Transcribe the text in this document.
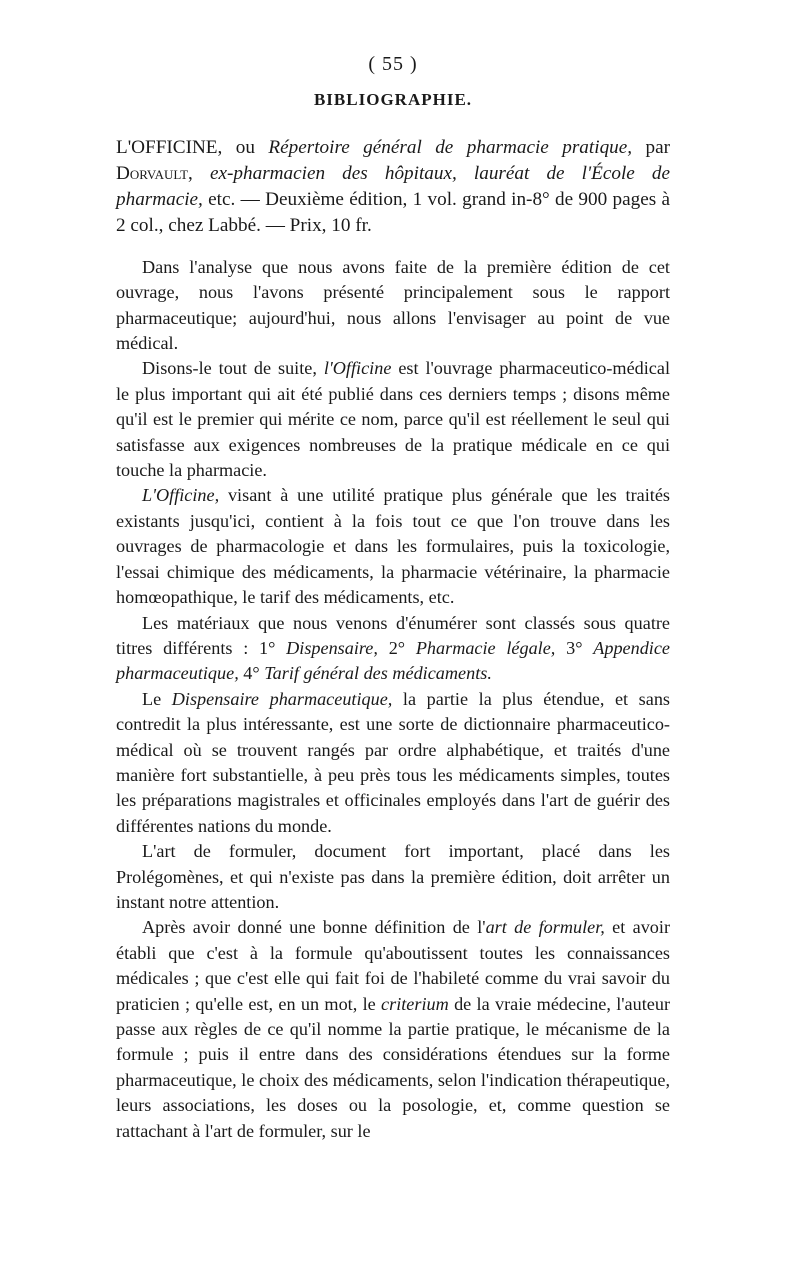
( 55 )
BIBLIOGRAPHIE.

L'OFFICINE, ou Répertoire général de pharmacie pratique, par Dorvault, ex-pharmacien des hôpitaux, lauréat de l'École de pharmacie, etc. — Deuxième édition, 1 vol. grand in-8° de 900 pages à 2 col., chez Labbé. — Prix, 10 fr.

Dans l'analyse que nous avons faite de la première édition de cet ouvrage, nous l'avons présenté principalement sous le rapport pharmaceutique; aujourd'hui, nous allons l'envisager au point de vue médical.

Disons-le tout de suite, l'Officine est l'ouvrage pharmaceutico-médical le plus important qui ait été publié dans ces derniers temps ; disons même qu'il est le premier qui mérite ce nom, parce qu'il est réellement le seul qui satisfasse aux exigences nombreuses de la pratique médicale en ce qui touche la pharmacie.

L'Officine, visant à une utilité pratique plus générale que les traités existants jusqu'ici, contient à la fois tout ce que l'on trouve dans les ouvrages de pharmacologie et dans les formulaires, puis la toxicologie, l'essai chimique des médicaments, la pharmacie vétérinaire, la pharmacie homœopathique, le tarif des médicaments, etc.

Les matériaux que nous venons d'énumérer sont classés sous quatre titres différents : 1° Dispensaire, 2° Pharmacie légale, 3° Appendice pharmaceutique, 4° Tarif général des médicaments.

Le Dispensaire pharmaceutique, la partie la plus étendue, et sans contredit la plus intéressante, est une sorte de dictionnaire pharmaceutico-médical où se trouvent rangés par ordre alphabétique, et traités d'une manière fort substantielle, à peu près tous les médicaments simples, toutes les préparations magistrales et officinales employés dans l'art de guérir des différentes nations du monde.

L'art de formuler, document fort important, placé dans les Prolégomènes, et qui n'existe pas dans la première édition, doit arrêter un instant notre attention.

Après avoir donné une bonne définition de l'art de formuler, et avoir établi que c'est à la formule qu'aboutissent toutes les connaissances médicales ; que c'est elle qui fait foi de l'habileté comme du vrai savoir du praticien ; qu'elle est, en un mot, le criterium de la vraie médecine, l'auteur passe aux règles de ce qu'il nomme la partie pratique, le mécanisme de la formule ; puis il entre dans des considérations étendues sur la forme pharmaceutique, le choix des médicaments, selon l'indication thérapeutique, leurs associations, les doses ou la posologie, et, comme question se rattachant à l'art de formuler, sur le
